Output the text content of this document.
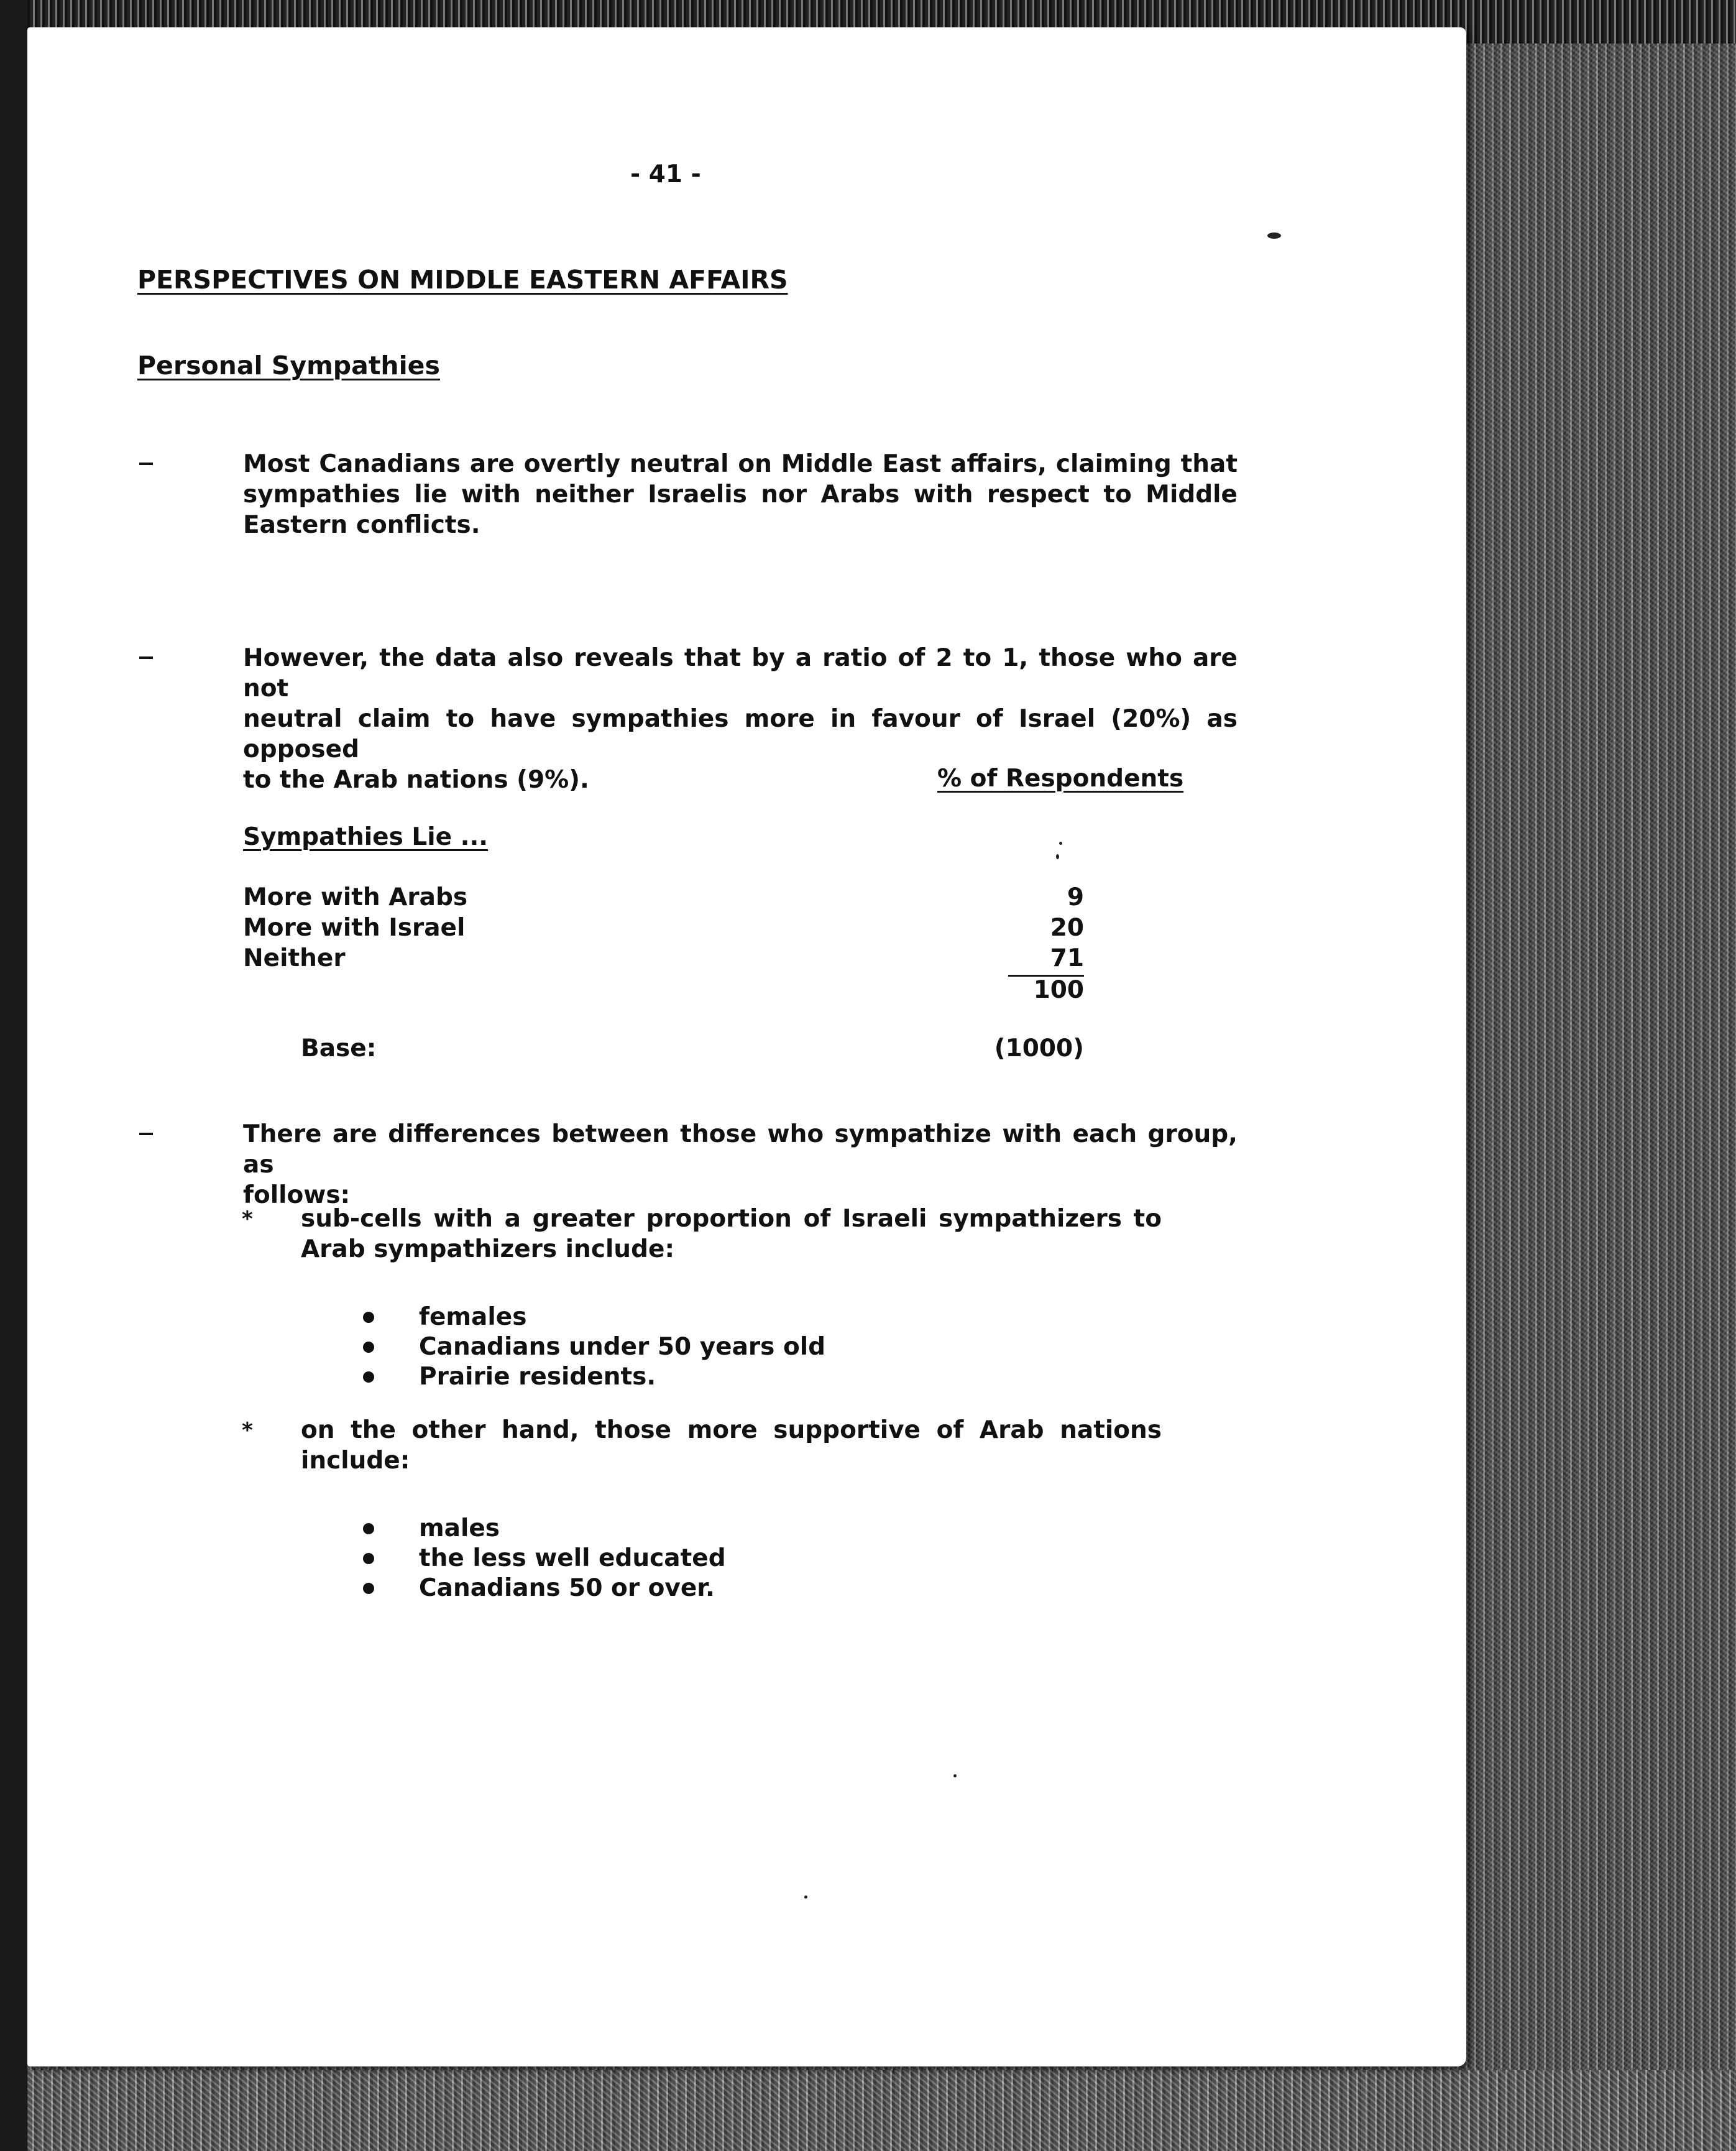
- 41 -

PERSPECTIVES ON MIDDLE EASTERN AFFAIRS

Personal Sympathies

Most Canadians are overtly neutral on Middle East affairs, claiming that

sympathies lie with neither Israelis nor Arabs with respect to Middle

Eastern conflicts.

However, the data also reveals that by a ratio of 2 to 1, those who are not

neutral claim to have sympathies more in favour of Israel (20%) as opposed

to the Arab nations (9%).	% of Respondents

Sympathies Lie ...

More with Arabs	9

More with Israel	20

Neither	71

100

Base:	(1000)

There are differences between those who sympathize with each group, as

follows:

* sub-cells with a greater proportion of Israeli sympathizers to

Arab sympathizers include:

females

Canadians under 50 years old

Prairie residents.

* on the other hand, those more supportive of Arab nations

include:

males

the less well educated

Canadians 50 or over.
